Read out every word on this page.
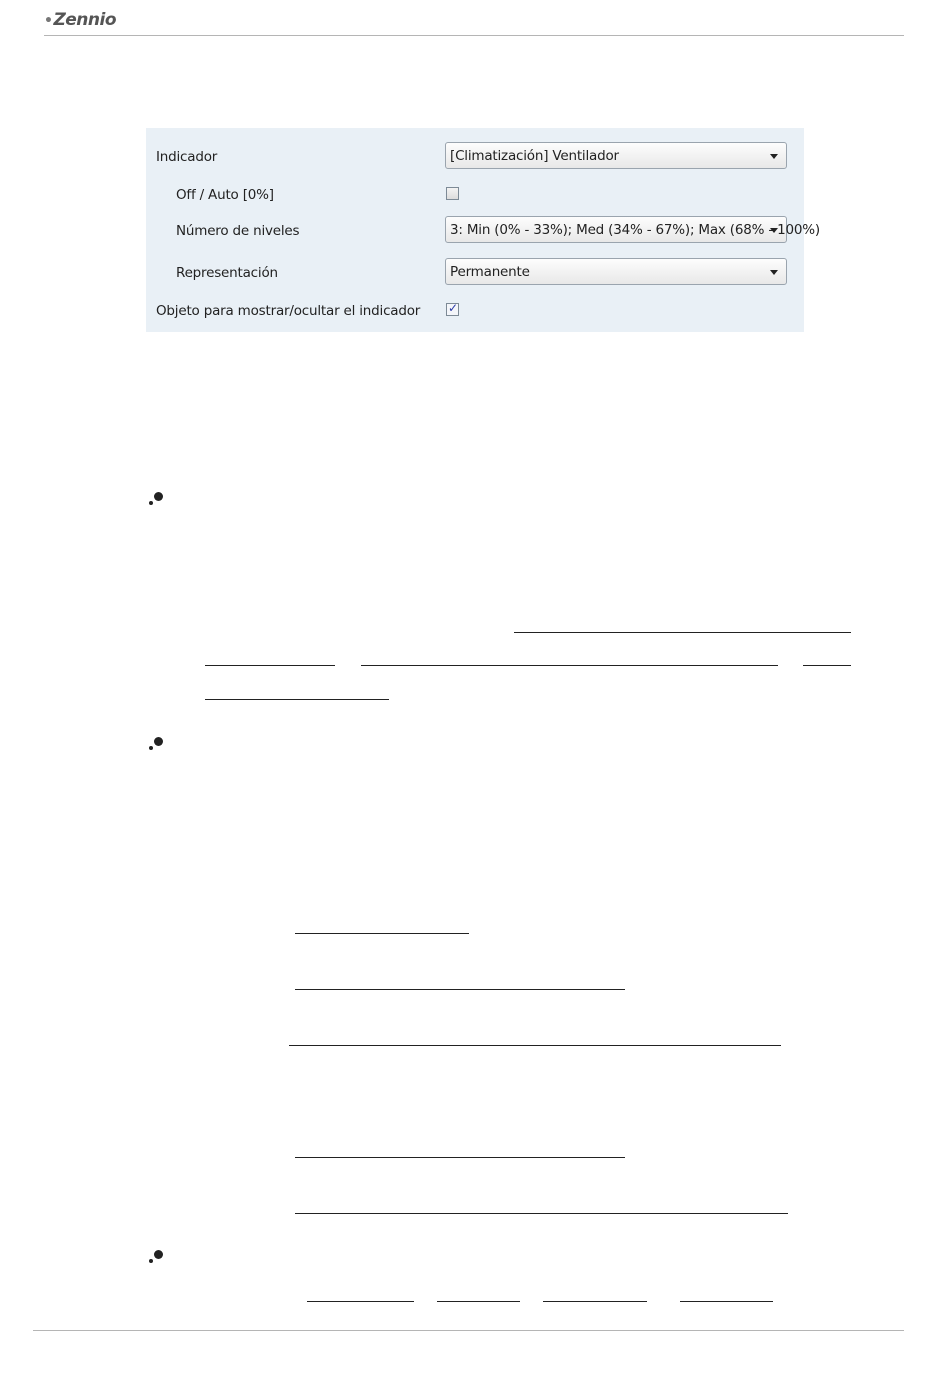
•Zennio
Indicador	[Climatización] Ventilador
Off / Auto [0%]
Número de niveles	3: Min (0% - 33%); Med (34% - 67%); Max (68% - 100%)
Representación	Permanente
Objeto para mostrar/ocultar el indicador ✓
